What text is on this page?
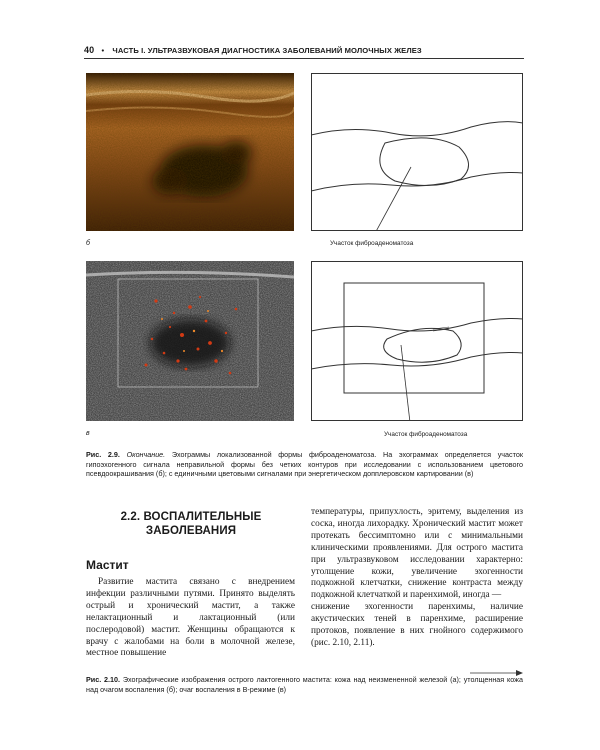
40 • ЧАСТЬ I. УЛЬТРАЗВУКОВАЯ ДИАГНОСТИКА ЗАБОЛЕВАНИЙ МОЛОЧНЫХ ЖЕЛЕЗ
б	Участок фиброаденоматоза
в	Участок фиброаденоматоза
Рис. 2.9. Окончание. Эхограммы локализованной формы фиброаденоматоза. На эхограммах определяется участок гипоэхогенного сигнала неправильной формы без четких контуров при исследовании с использованием цветового псевдоокрашивания (б); с единичными цветовыми сигналами при энергетическом допплеровском картировании (в)
2.2. ВОСПАЛИТЕЛЬНЫЕ
ЗАБОЛЕВАНИЯ
Мастит

Развитие мастита связано с внедрением инфекции различными путями. Принято выделять острый и хронический мастит, а также нелактационный и лактационный (или послеродовой) мастит. Женщины обращаются к врачу с жалобами на боли в молочной железе, местное повышение

температуры, припухлость, эритему, выделения из соска, иногда лихорадку. Хронический мастит может протекать бессимптомно или с минимальными клиническими проявлениями. Для острого мастита при ультразвуковом исследовании характерно: утолщение кожи, увеличение эхогенности подкожной клетчатки, снижение контраста между подкожной клетчаткой и паренхимой, иногда —

снижение эхогенности паренхимы, наличие акустических теней в паренхиме, расширение протоков, появление в них гнойного содержимого (рис. 2.10, 2.11).

Рис. 2.10. Эхографические изображения острого лактогенного мастита: кожа над неизмененной железой (а); утолщенная кожа над очагом воспаления (б); очаг воспаления в В-режиме (в)
